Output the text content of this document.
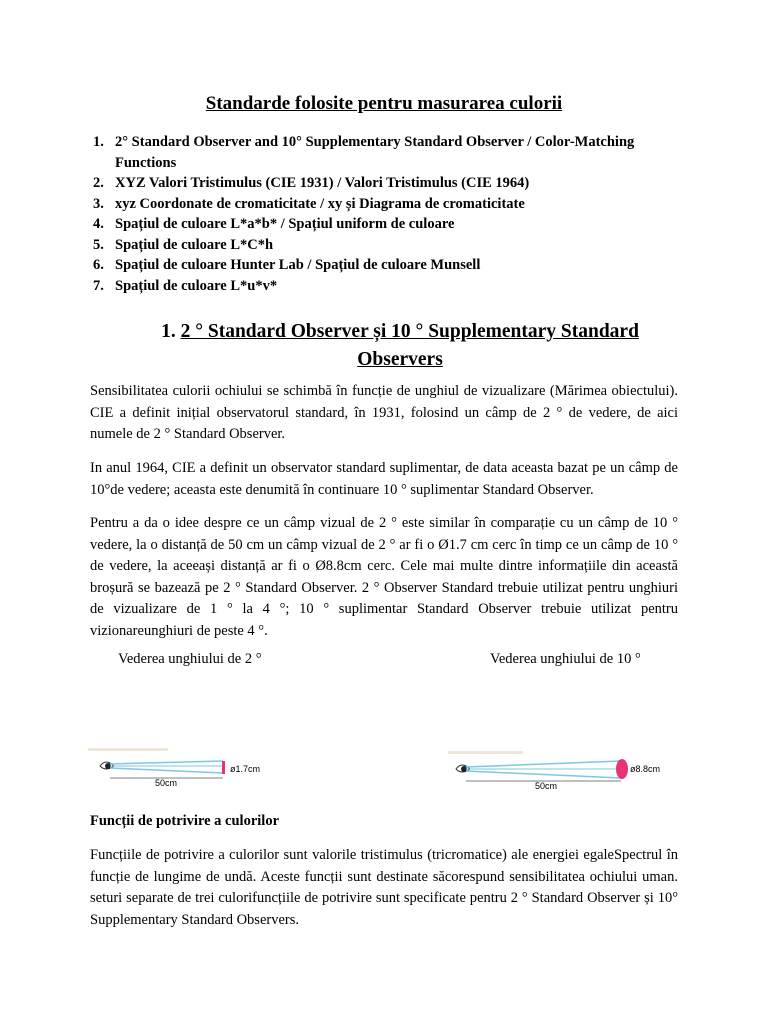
Standarde folosite pentru masurarea culorii
1. 2° Standard Observer and 10° Supplementary Standard Observer / Color-Matching Functions
2. XYZ Valori Tristimulus (CIE 1931) / Valori Tristimulus (CIE 1964)
3. xyz Coordonate de cromaticitate / xy și Diagrama de cromaticitate
4. Spațiul de culoare L*a*b* / Spațiul uniform de culoare
5. Spațiul de culoare L*C*h
6. Spațiul de culoare Hunter Lab / Spațiul de culoare Munsell
7. Spațiul de culoare L*u*v*
1. 2 ° Standard Observer și 10 ° Supplementary Standard Observers

Sensibilitatea culorii ochiului se schimbă în funcție de unghiul de vizualizare (Mărimea obiectului). CIE a definit inițial observatorul standard, în 1931, folosind un câmp de 2 ° de vedere, de aici numele de 2 ° Standard Observer.

In anul 1964, CIE a definit un observator standard suplimentar, de data aceasta bazat pe un câmp de 10°de vedere; aceasta este denumită în continuare 10 ° suplimentar Standard Observer.

Pentru a da o idee despre ce un câmp vizual de 2 ° este similar în comparație cu un câmp de 10 ° vedere, la o distanță de 50 cm un câmp vizual de 2 ° ar fi o Ø1.7 cm cerc în timp ce un câmp de 10 ° de vedere, la aceeași distanță ar fi o Ø8.8cm cerc. Cele mai multe dintre informațiile din această broșură se bazează pe 2 ° Standard Observer. 2 ° Observer Standard trebuie utilizat pentru unghiuri de vizualizare de 1 ° la 4 °; 10 ° suplimentar Standard Observer trebuie utilizat pentru vizionareunghiuri de peste 4 °.

Vederea unghiului de 2 °	Vederea unghiului de 10 °
50cm
ø1.7cm
50cm
ø8.8cm
Funcții de potrivire a culorilor

Funcțiile de potrivire a culorilor sunt valorile tristimulus (tricromatice) ale energiei egaleSpectrul în funcție de lungime de undă. Aceste funcții sunt destinate săcorespund sensibilitatea ochiului uman. seturi separate de trei culorifuncțiile de potrivire sunt specificate pentru 2 ° Standard Observer și 10° Supplementary Standard Observers.
